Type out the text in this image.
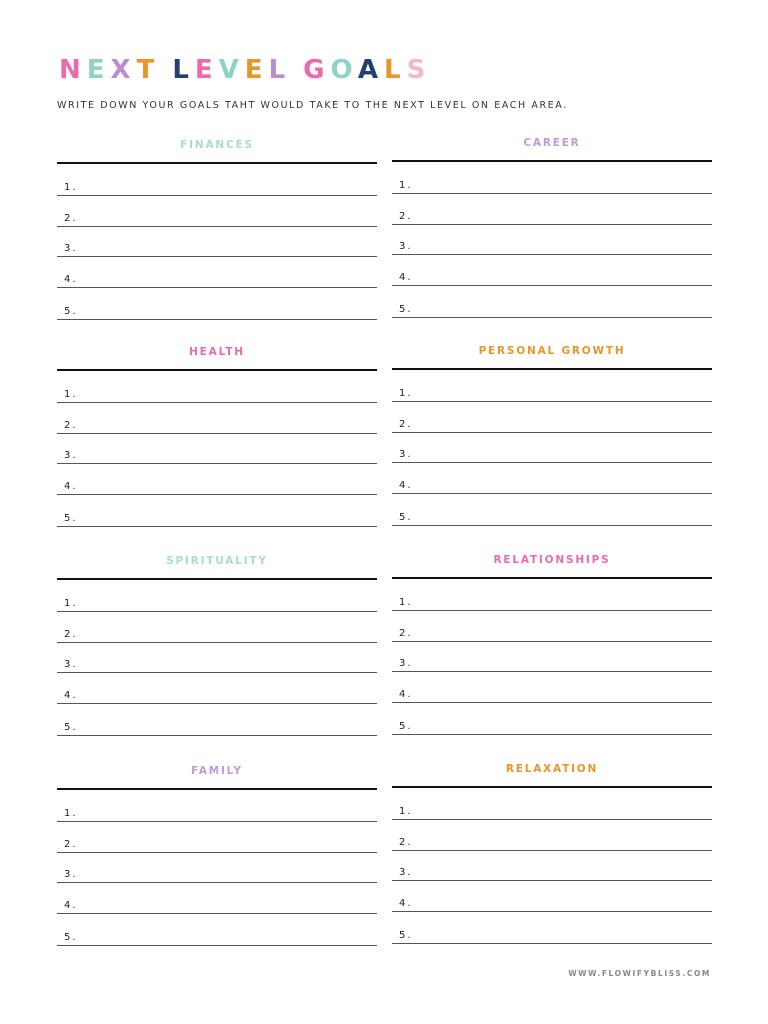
NEXT LEVEL GOALS

WRITE DOWN YOUR GOALS TAHT WOULD TAKE TO THE NEXT LEVEL ON EACH AREA.

FINANCES
1.
2.
3.
4.
5.
CAREER
1.
2.
3.
4.
5.
HEALTH
1.
2.
3.
4.
5.
PERSONAL GROWTH
1.
2.
3.
4.
5.
SPIRITUALITY
1.
2.
3.
4.
5.
RELATIONSHIPS
1.
2.
3.
4.
5.
FAMILY
1.
2.
3.
4.
5.
RELAXATION
1.
2.
3.
4.
5.
WWW.FLOWIFYBLISS.COM
